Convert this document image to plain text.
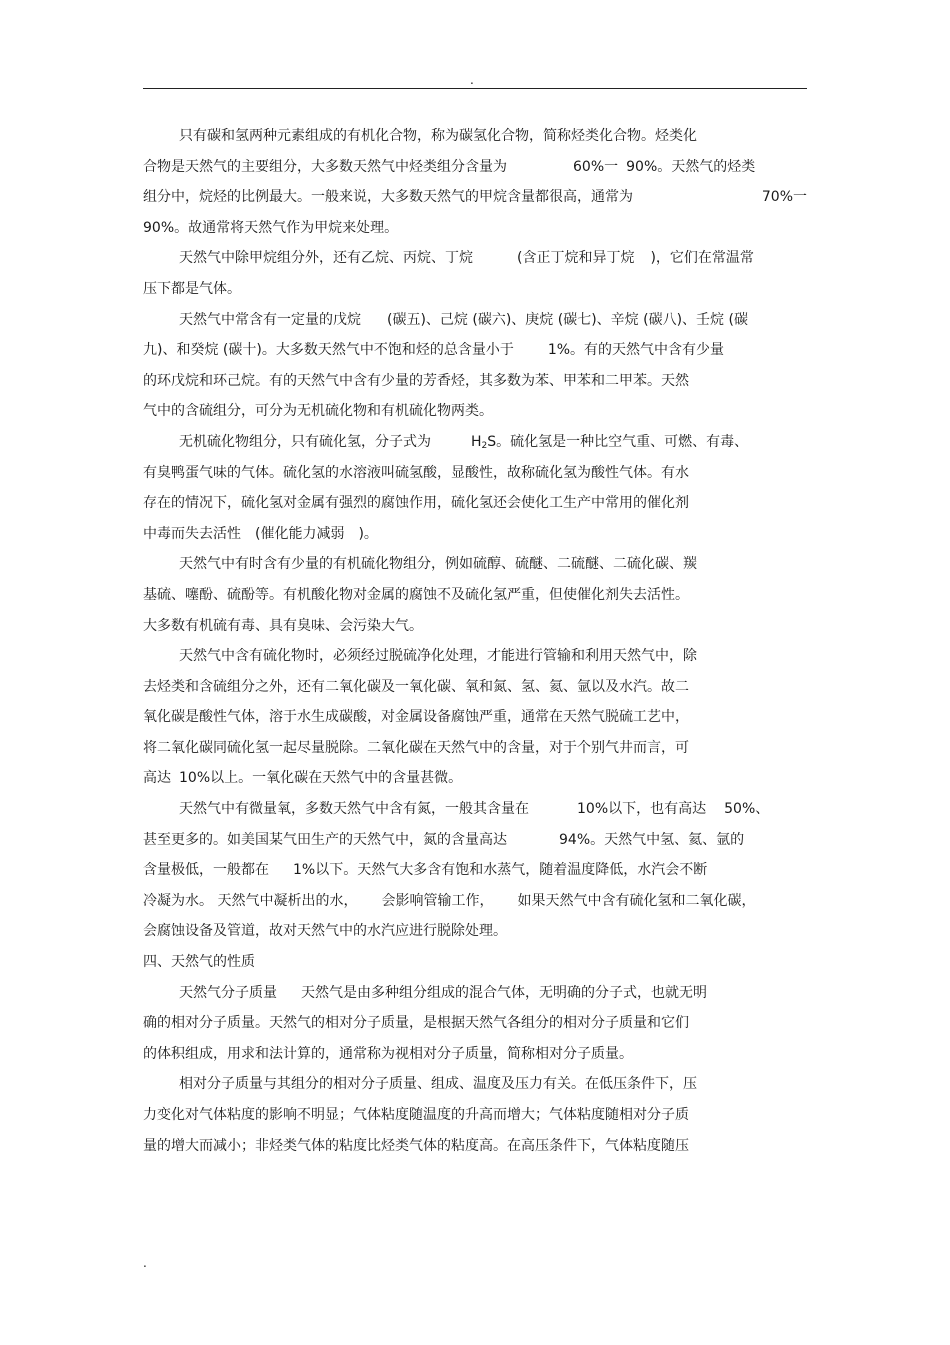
.
只有碳和氢两种元素组成的有机化合物，称为碳氢化合物，简称烃类化合物。烃类化
合物是天然气的主要组分，大多数天然气中烃类组分含量为	60%一 90%。天然气的烃类
组分中，烷烃的比例最大。一般来说，大多数天然气的甲烷含量都很高，通常为	70%一
90%。故通常将天然气作为甲烷来处理。
天然气中除甲烷组分外，还有乙烷、丙烷、丁烷	(含正丁烷和异丁烷 )，它们在常温常
压下都是气体。
天然气中常含有一定量的戊烷 (碳五)、己烷 (碳六)、庚烷 (碳七)、辛烷 (碳八)、壬烷 (碳
九)、和癸烷 (碳十)。大多数天然气中不饱和烃的总含量小于 1%。有的天然气中含有少量
的环戊烷和环己烷。有的天然气中含有少量的芳香烃，其多数为苯、甲苯和二甲苯。天然
气中的含硫组分，可分为无机硫化物和有机硫化物两类。
无机硫化物组分，只有硫化氢，分子式为	$H_2S$。硫化氢是一种比空气重、可燃、有毒、
有臭鸭蛋气味的气体。硫化氢的水溶液叫硫氢酸，显酸性，故称硫化氢为酸性气体。有水
存在的情况下，硫化氢对金属有强烈的腐蚀作用，硫化氢还会使化工生产中常用的催化剂
中毒而失去活性 (催化能力减弱 )。
天然气中有时含有少量的有机硫化物组分，例如硫醇、硫醚、二硫醚、二硫化碳、羰
基硫、噻酚、硫酚等。有机酸化物对金属的腐蚀不及硫化氢严重，但使催化剂失去活性。
大多数有机硫有毒、具有臭味、会污染大气。
天然气中含有硫化物时，必须经过脱硫净化处理，才能进行管输和利用天然气中，除
去烃类和含硫组分之外，还有二氧化碳及一氧化碳、氧和氮、氢、氦、氩以及水汽。故二
氧化碳是酸性气体，溶于水生成碳酸，对金属设备腐蚀严重，通常在天然气脱硫工艺中，
将二氧化碳同硫化氢一起尽量脱除。二氧化碳在天然气中的含量，对于个别气井而言，可
高达 10%以上。一氧化碳在天然气中的含量甚微。
天然气中有微量氧，多数天然气中含有氮，一般其含量在	10%以下，也有高达 50%、
甚至更多的。如美国某气田生产的天然气中，氮的含量高达	94%。天然气中氢、氦、氩的
含量极低，一般都在 1%以下。天然气大多含有饱和水蒸气，随着温度降低，水汽会不断
冷凝为水。 天然气中凝析出的水， 会影响管输工作， 如果天然气中含有硫化氢和二氧化碳，
会腐蚀设备及管道，故对天然气中的水汽应进行脱除处理。
四、天然气的性质
天然气分子质量 天然气是由多种组分组成的混合气体，无明确的分子式，也就无明
确的相对分子质量。天然气的相对分子质量，是根据天然气各组分的相对分子质量和它们
的体积组成，用求和法计算的，通常称为视相对分子质量，简称相对分子质量。
相对分子质量与其组分的相对分子质量、组成、温度及压力有关。在低压条件下，压
力变化对气体粘度的影响不明显；气体粘度随温度的升高而增大；气体粘度随相对分子质
量的增大而减小；非烃类气体的粘度比烃类气体的粘度高。在高压条件下，气体粘度随压
.
